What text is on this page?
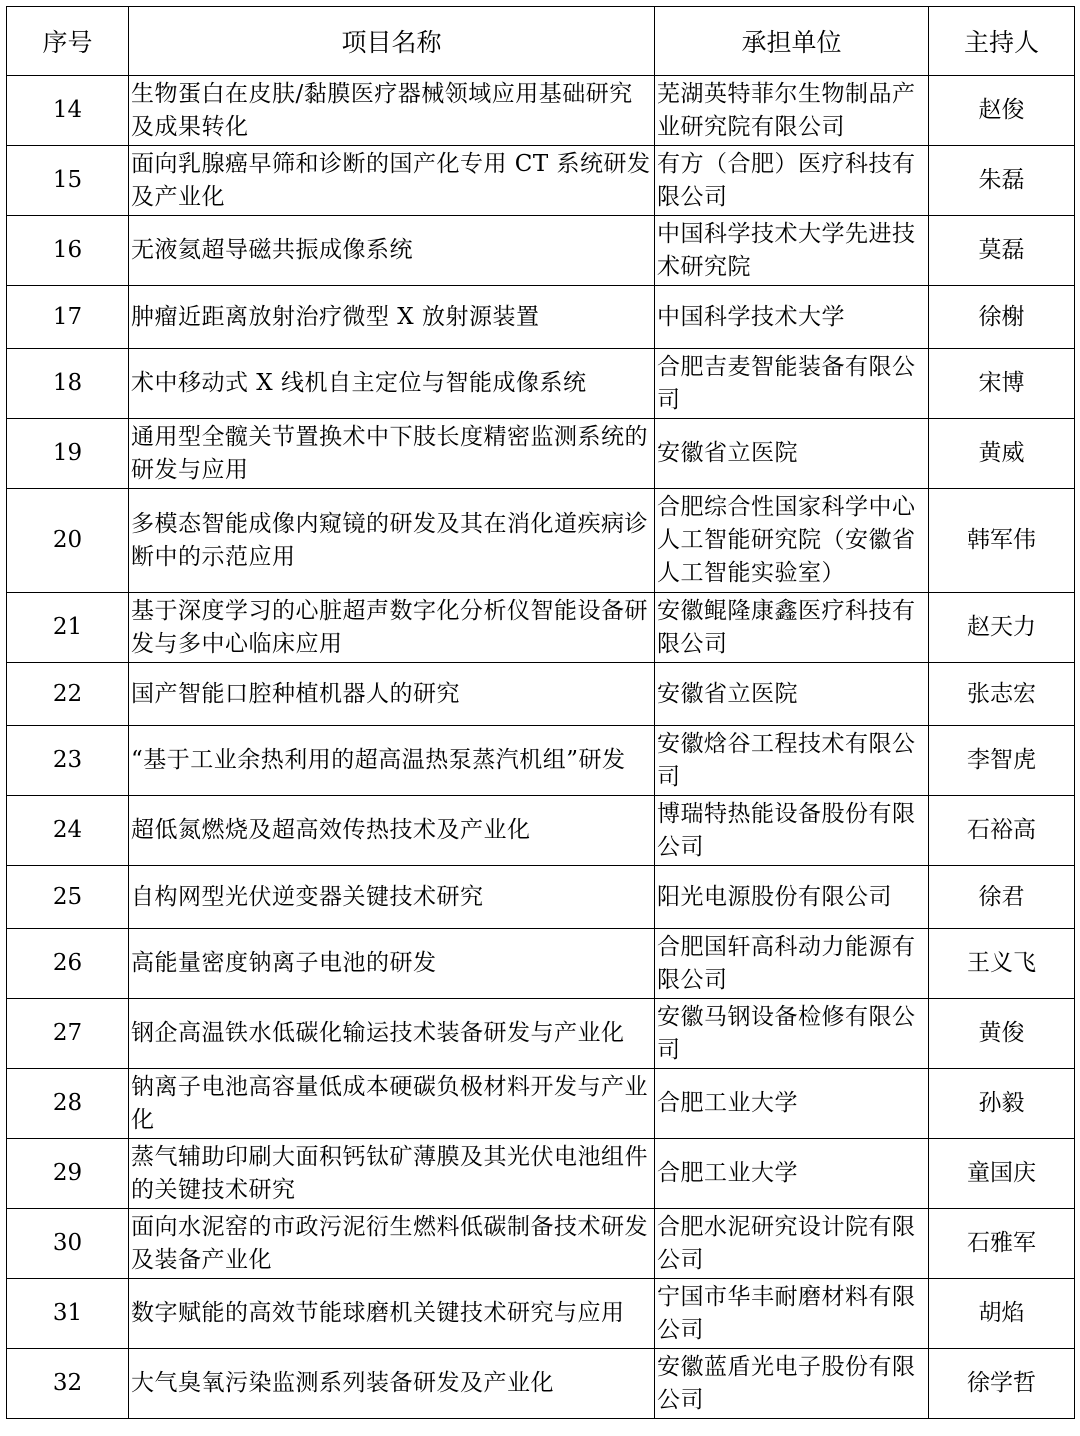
序号	项目名称	承担单位	主持人
14	生物蛋白在皮肤/黏膜医疗器械领域应用基础研究及成果转化	芜湖英特菲尔生物制品产业研究院有限公司	赵俊
15	面向乳腺癌早筛和诊断的国产化专用 CT 系统研发及产业化	有方（合肥）医疗科技有限公司	朱磊
16	无液氦超导磁共振成像系统	中国科学技术大学先进技术研究院	莫磊
17	肿瘤近距离放射治疗微型 X 放射源装置	中国科学技术大学	徐榭
18	术中移动式 X 线机自主定位与智能成像系统	合肥吉麦智能装备有限公司	宋博
19	通用型全髋关节置换术中下肢长度精密监测系统的研发与应用	安徽省立医院	黄威
20	多模态智能成像内窥镜的研发及其在消化道疾病诊断中的示范应用	合肥综合性国家科学中心人工智能研究院（安徽省人工智能实验室）	韩军伟
21	基于深度学习的心脏超声数字化分析仪智能设备研发与多中心临床应用	安徽鲲隆康鑫医疗科技有限公司	赵天力
22	国产智能口腔种植机器人的研究	安徽省立医院	张志宏
23	“基于工业余热利用的超高温热泵蒸汽机组”研发	安徽焓谷工程技术有限公司	李智虎
24	超低氮燃烧及超高效传热技术及产业化	博瑞特热能设备股份有限公司	石裕高
25	自构网型光伏逆变器关键技术研究	阳光电源股份有限公司	徐君
26	高能量密度钠离子电池的研发	合肥国轩高科动力能源有限公司	王义飞
27	钢企高温铁水低碳化输运技术装备研发与产业化	安徽马钢设备检修有限公司	黄俊
28	钠离子电池高容量低成本硬碳负极材料开发与产业化	合肥工业大学	孙毅
29	蒸气辅助印刷大面积钙钛矿薄膜及其光伏电池组件的关键技术研究	合肥工业大学	童国庆
30	面向水泥窑的市政污泥衍生燃料低碳制备技术研发及装备产业化	合肥水泥研究设计院有限公司	石雅军
31	数字赋能的高效节能球磨机关键技术研究与应用	宁国市华丰耐磨材料有限公司	胡焰
32	大气臭氧污染监测系列装备研发及产业化	安徽蓝盾光电子股份有限公司	徐学哲
